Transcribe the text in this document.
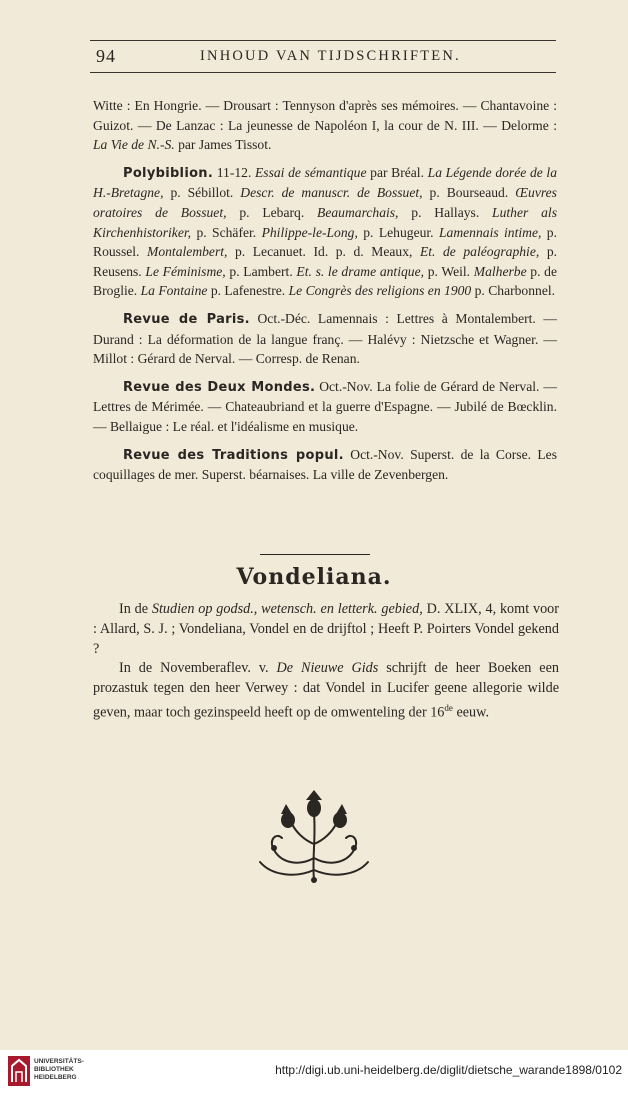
94	INHOUD VAN TIJDSCHRIFTEN.

Witte : En Hongrie. — Drousart : Tennyson d'après ses mémoires. — Chantavoine : Guizot. — De Lanzac : La jeunesse de Napoléon I, la cour de N. III. — Delorme : La Vie de N.-S. par James Tissot.

Polybiblion. 11-12. Essai de sémantique par Bréal. La Légende dorée de la H.-Bretagne, p. Sébillot. Descr. de manuscr. de Bossuet, p. Bourseaud. Œuvres oratoires de Bossuet, p. Lebarq. Beaumarchais, p. Hallays. Luther als Kirchenhistoriker, p. Schäfer. Philippe-le-Long, p. Lehugeur. Lamennais intime, p. Roussel. Montalembert, p. Lecanuet. Id. p. d. Meaux, Et. de paléographie, p. Reusens. Le Féminisme, p. Lambert. Et. s. le drame antique, p. Weil. Malherbe p. de Broglie. La Fontaine p. Lafenestre. Le Congrès des religions en 1900 p. Charbonnel.

Revue de Paris. Oct.-Déc. Lamennais : Lettres à Montalembert. — Durand : La déformation de la langue franç. — Halévy : Nietzsche et Wagner. — Millot : Gérard de Nerval. — Corresp. de Renan.

Revue des Deux Mondes. Oct.-Nov. La folie de Gérard de Nerval. — Lettres de Mérimée. — Chateaubriand et la guerre d'Espagne. — Jubilé de Bœcklin. — Bellaigue : Le réal. et l'idéalisme en musique.

Revue des Traditions popul. Oct.-Nov. Superst. de la Corse. Les coquillages de mer. Superst. béarnaises. La ville de Zevenbergen.

Vondeliana.

In de Studien op godsd., wetensch. en letterk. gebied, D. XLIX, 4, komt voor : Allard, S. J. ; Vondeliana, Vondel en de drijftol ; Heeft P. Poirters Vondel gekend ?

In de Novemberaflev. v. De Nieuwe Gids schrijft de heer Boeken een prozastuk tegen den heer Verwey : dat Vondel in Lucifer geene allegorie wilde geven, maar toch gezinspeeld heeft op de omwenteling der 16de eeuw.

UNIVERSITÄTS-
BIBLIOTHEK
HEIDELBERG
http://digi.ub.uni-heidelberg.de/diglit/dietsche_warande1898/0102
